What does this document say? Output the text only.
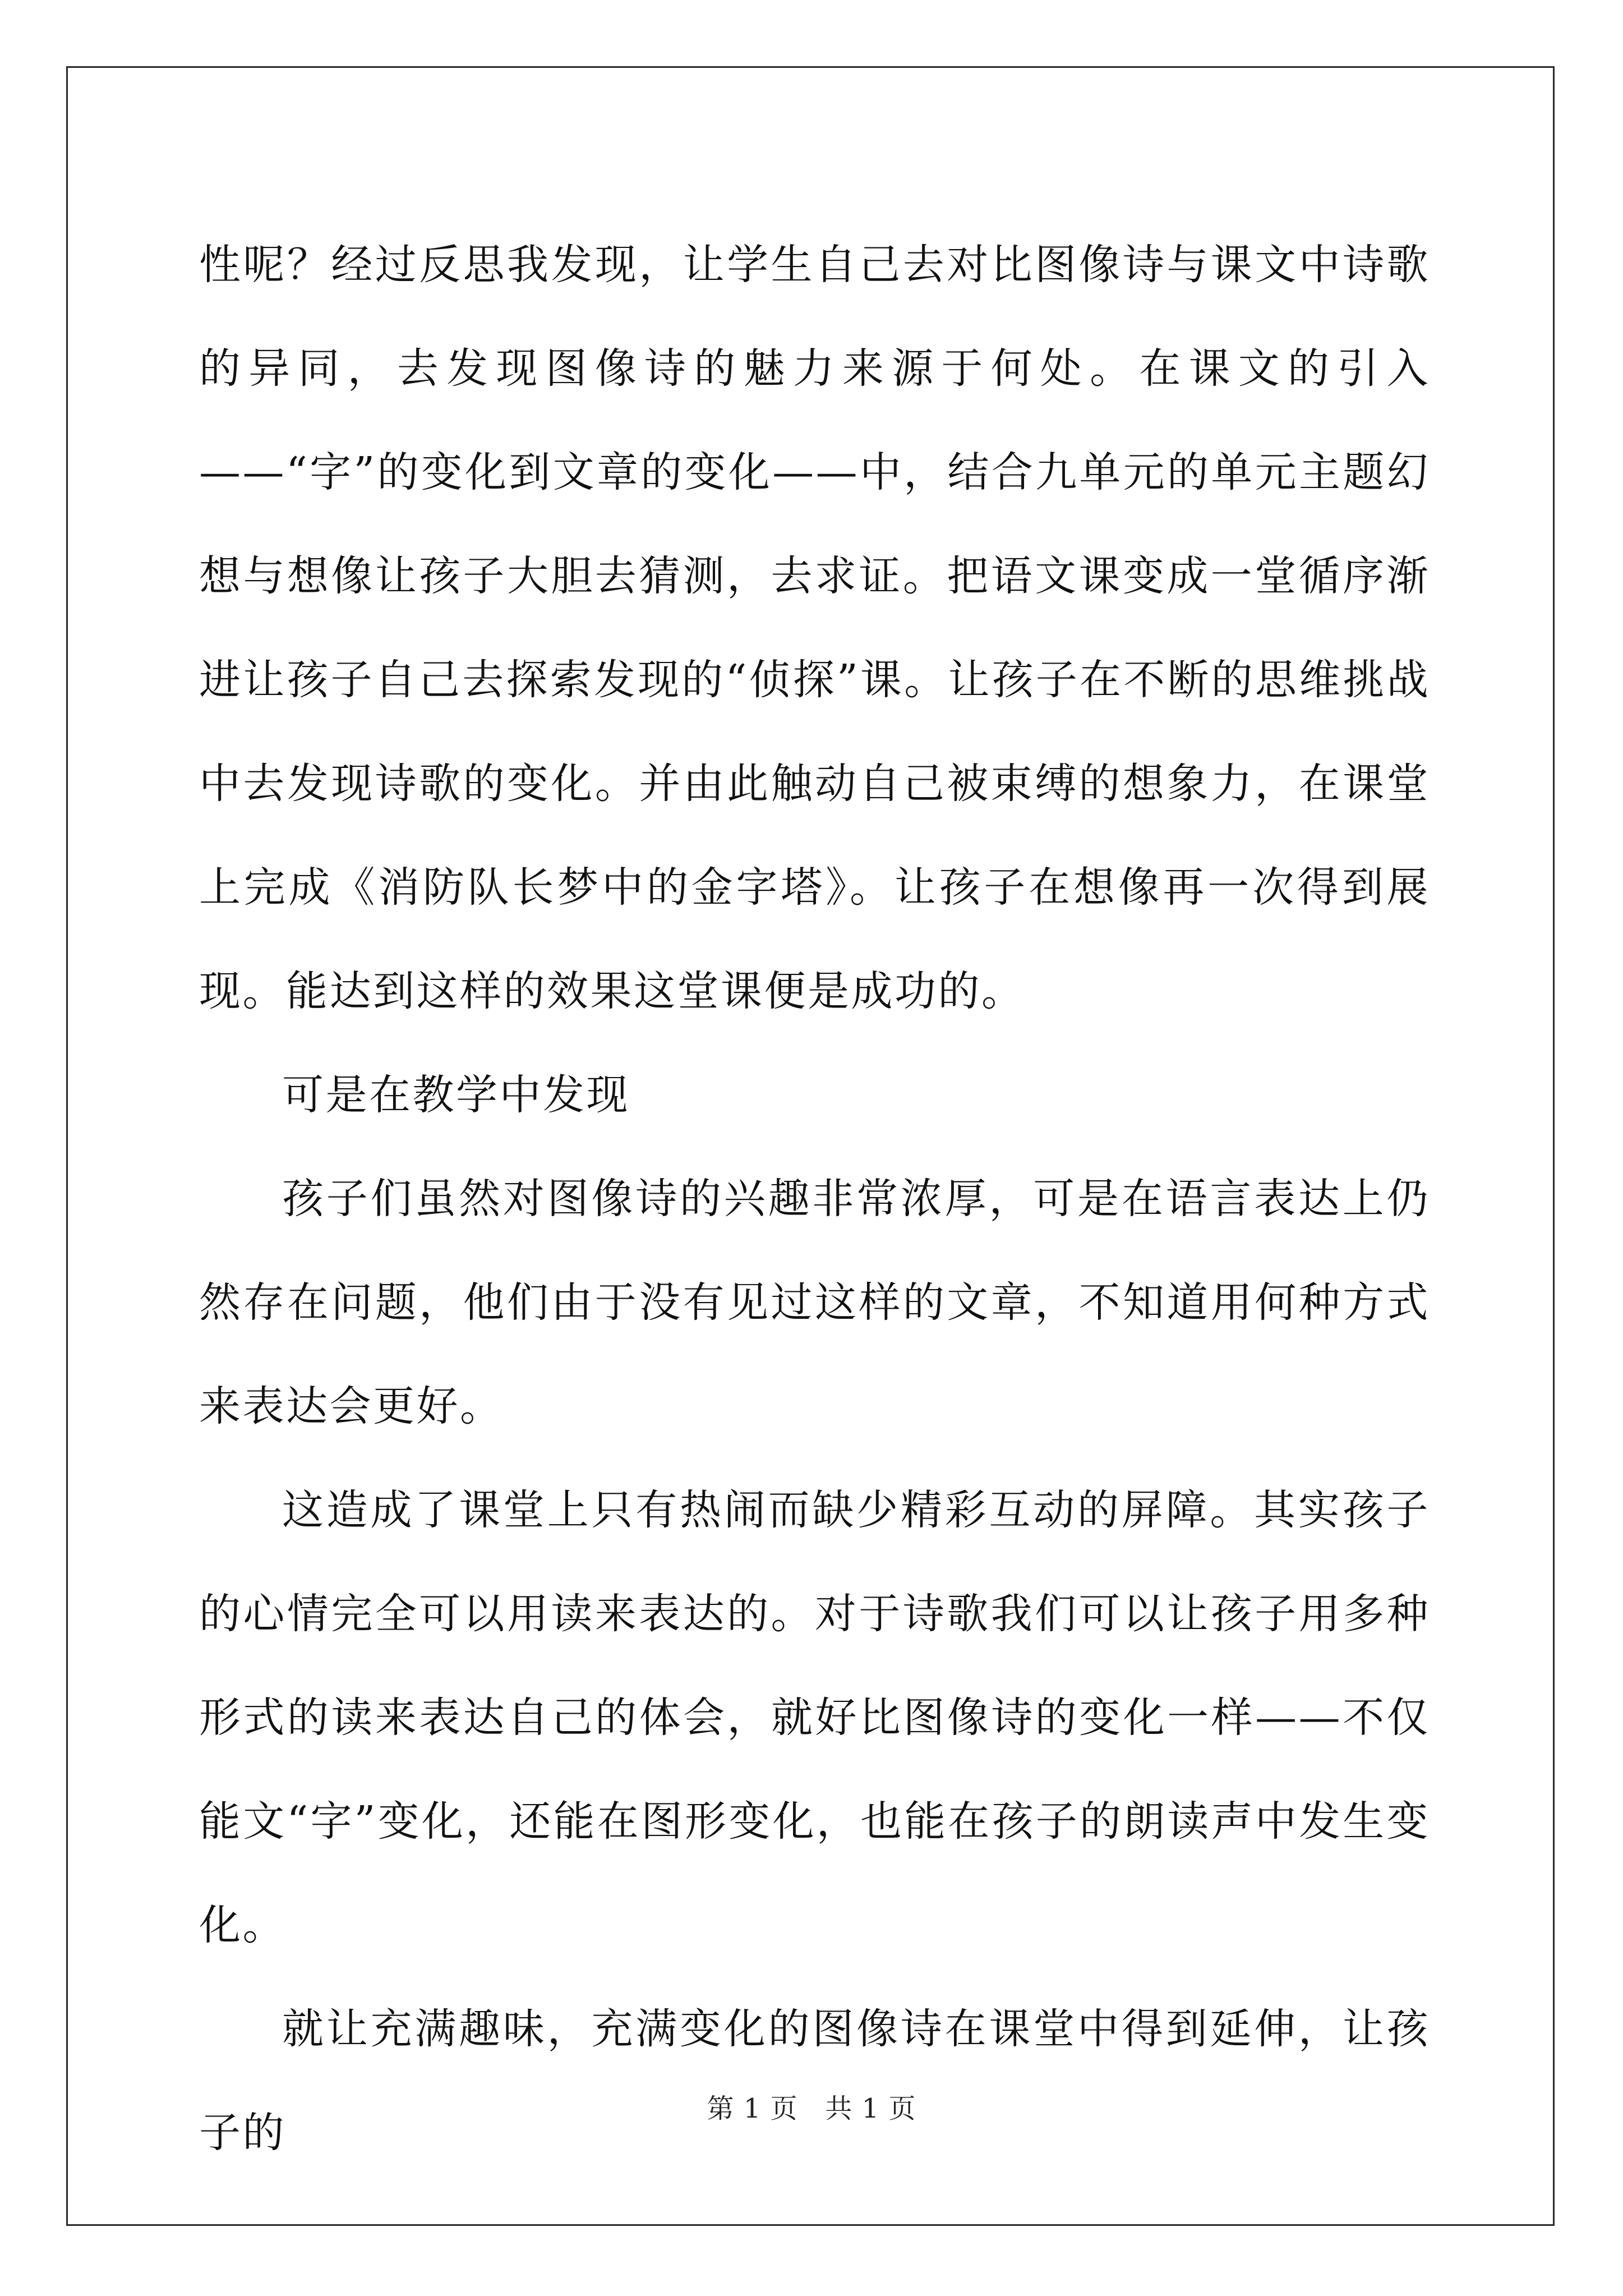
性呢？经过反思我发现，让学生自己去对比图像诗与课文中诗歌的异同，去发现图像诗的魅力来源于何处。在课文的引入——“字”的变化到文章的变化——中，结合九单元的单元主题幻想与想像让孩子大胆去猜测，去求证。把语文课变成一堂循序渐进让孩子自己去探索发现的“侦探”课。让孩子在不断的思维挑战中去发现诗歌的变化。并由此触动自己被束缚的想象力，在课堂上完成《消防队长梦中的金字塔》。让孩子在想像再一次得到展现。能达到这样的效果这堂课便是成功的。

可是在教学中发现

孩子们虽然对图像诗的兴趣非常浓厚，可是在语言表达上仍然存在问题，他们由于没有见过这样的文章，不知道用何种方式来表达会更好。

这造成了课堂上只有热闹而缺少精彩互动的屏障。其实孩子的心情完全可以用读来表达的。对于诗歌我们可以让孩子用多种形式的读来表达自己的体会，就好比图像诗的变化一样——不仅能文“字”变化，还能在图形变化，也能在孩子的朗读声中发生变化。

就让充满趣味，充满变化的图像诗在课堂中得到延伸，让孩子的	第 1 页 共 1 页
